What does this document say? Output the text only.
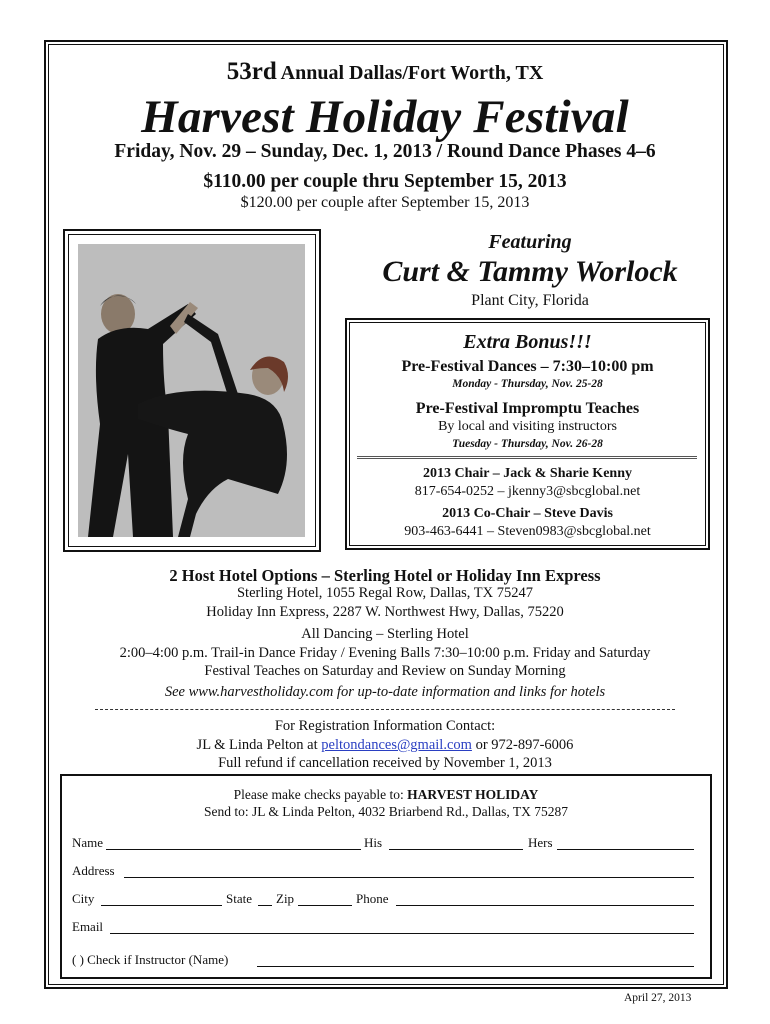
53rd Annual Dallas/Fort Worth, TX
Harvest Holiday Festival
Friday, Nov. 29 – Sunday, Dec. 1, 2013 / Round Dance Phases 4–6
$110.00 per couple thru September 15, 2013
$120.00 per couple after September 15, 2013
Featuring
Curt & Tammy Worlock
Plant City, Florida
Extra Bonus!!!
Pre-Festival Dances – 7:30–10:00 pm
Monday - Thursday, Nov. 25-28
Pre-Festival Impromptu Teaches
By local and visiting instructors
Tuesday - Thursday, Nov. 26-28
2013 Chair – Jack & Sharie Kenny
817-654-0252 – jkenny3@sbcglobal.net
2013 Co-Chair – Steve Davis
903-463-6441 – Steven0983@sbcglobal.net
2 Host Hotel Options – Sterling Hotel or Holiday Inn Express
Sterling Hotel, 1055 Regal Row, Dallas, TX 75247
Holiday Inn Express, 2287 W. Northwest Hwy, Dallas, 75220
All Dancing – Sterling Hotel
2:00–4:00 p.m. Trail-in Dance Friday / Evening Balls 7:30–10:00 p.m. Friday and Saturday
Festival Teaches on Saturday and Review on Sunday Morning
See www.harvestholiday.com for up-to-date information and links for hotels
For Registration Information Contact:
JL & Linda Pelton at peltondances@gmail.com or 972-897-6006
Full refund if cancellation received by November 1, 2013
Please make checks payable to: HARVEST HOLIDAY
Send to: JL & Linda Pelton, 4032 Briarbend Rd., Dallas, TX 75287
Name	His	Hers
Address
City	State Zip	Phone
Email
( ) Check if Instructor (Name)
April 27, 2013
